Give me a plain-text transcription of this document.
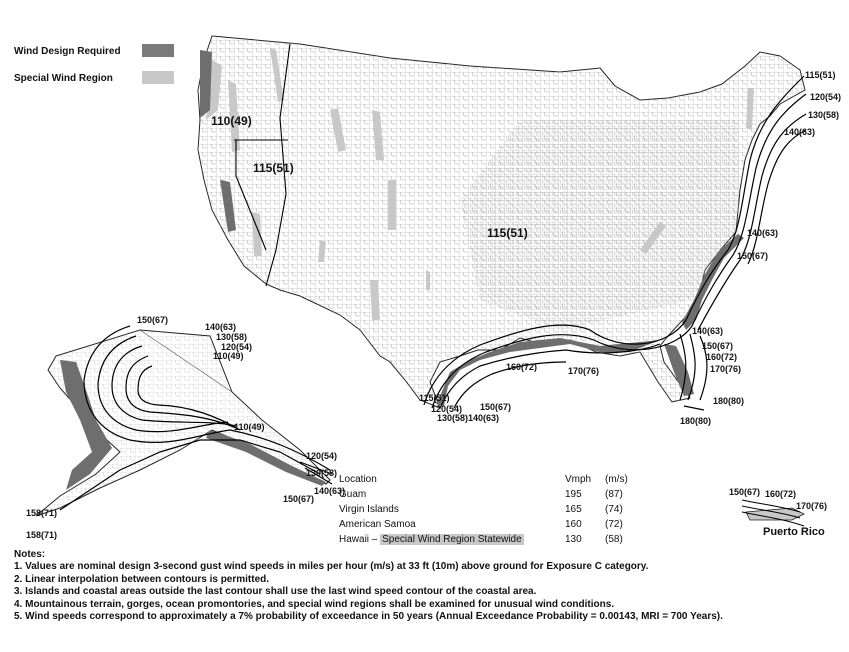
Wind Design Required
Special Wind Region
110(49)
115(51)
115(51)
115(51)
120(54)
130(58)
140(63)
140(63)
150(67)
140(63)
150(67)
160(72)
170(76)
180(80)
180(80)
160(72)	170(76)
115(51)
120(54)
130(58)140(63)
150(67)
150(67)
140(63)
130(58)
120(54)
110(49)
110(49)
120(54)
130(58)
140(63)
150(67)
158(71)
158(71)
150(67) 160(72)
170(76)
Puerto Rico
Location	Vmph	(m/s)
Guam	195	(87)
Virgin Islands	165	(74)
American Samoa	160	(72)
Hawaii – Special Wind Region Statewide	130	(58)
Notes:
1. Values are nominal design 3-second gust wind speeds in miles per hour (m/s) at 33 ft (10m) above ground for Exposure C category.
2. Linear interpolation between contours is permitted.
3. Islands and coastal areas outside the last contour shall use the last wind speed contour of the coastal area.
4. Mountainous terrain, gorges, ocean promontories, and special wind regions shall be examined for unusual wind conditions.
5. Wind speeds correspond to approximately a 7% probability of exceedance in 50 years (Annual Exceedance Probability = 0.00143, MRI = 700 Years).
